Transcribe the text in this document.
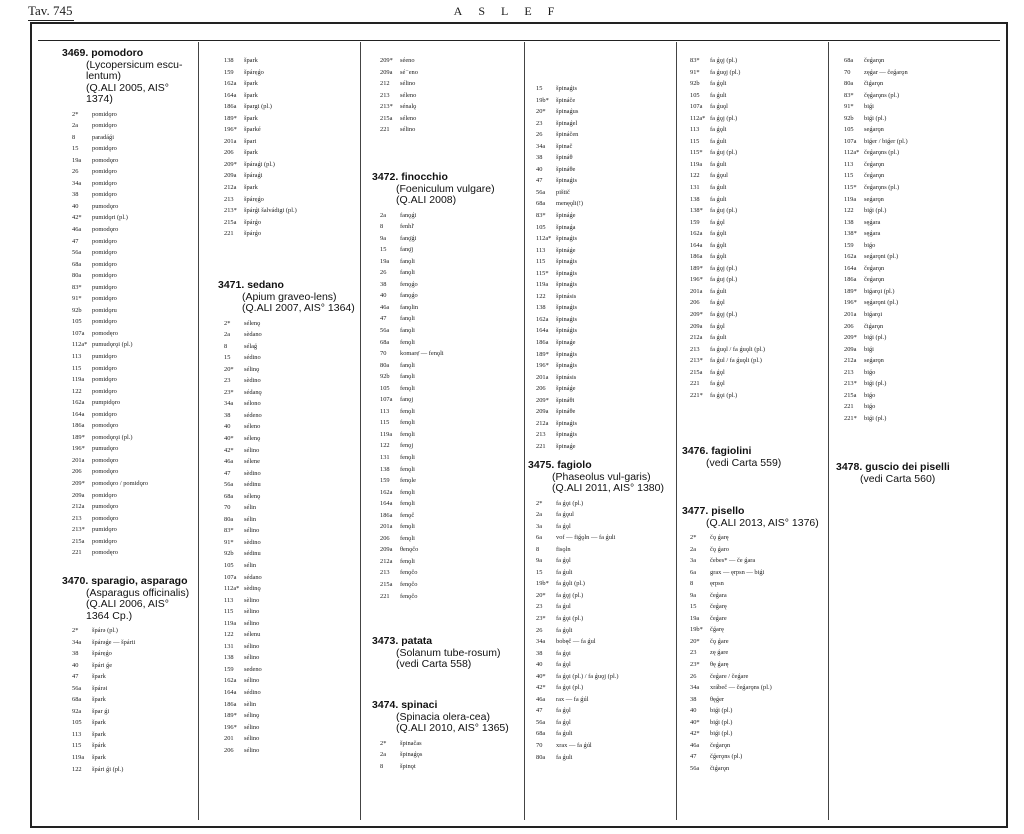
Tav. 745	ASLEF
3469. pomodoro
(Lycopersicum escu-lentum)
(Q.ALI 2005, AIS° 1374)
2* pomidǫro
2a pomidǫro
8	paradáǵi
15 pomidǫro
19a pomodǫro
26 pomidǫro
34a pomidǫro
38 pomidǫro
40 pumodǫro
42* pumidǫri (pl.)
46a pomodǫro
47 pomidǫro
56a pomidǫro
68a pomidǫro
80a pomidǫro
83* pumidǫro
91* pomidǫro
92b pomidǫru
105 pomidǫro
107a pomodęro
112a* pumudǫrǫi (pl.)
113 pumidǫro
115 pomidǫro
119a pomidǫro
122 pomidǫro
162a pumpidǫro
164a pomidǫro
186a pomodǫro
189* pomodǫrǫi (pl.)
196* pumudǫro
201a pomodǫro
206 pomodǫro
209* pomodǫro / pomidǫro
209a pomidǫro
212a pumodǫro
213 pomodǫro
213* pumidǫro
215a pomidǫro
221 pomodęro
3470. sparagio, asparago
(Asparagus officinalis)
(Q.ALI 2006, AIS° 1364 Cp.)
2* špárǝ (pl.)
34a špárǝǵe — špárii
38 špárẹǵo
40 špári ǵe
47 špark
56a špárǝi
68a špark
92a špar ǵi
105 špark
113 špark
115 špárk
119a špark
122 špári ǵi (pl.)
138 špark
159 špárẹǵo
162a špark
164a špark
186a špargi (pl.)
189* špark
196* šparké
201a špari
206 špark
209* špáraǵi (pl.)
209a špáraǵi
212a špark
213 špárẹǵo
213* špárǵi šalvádigi (pl.)
215a špárǵo
221 špárǵo
3471. sedano
(Apium graveo-lens)
(Q.ALI 2007, AIS° 1364)
2* sélenǫ
2a sèdano
8	sélaǵ
15 sédino
20* sélinǫ
23 sèdino
23* sédanǫ
34a sélono
38 sédeno
40 séleno
40* sélenǫ
42* sélino
46a sélene
47 sèdino
56a sédinu
68a sélenǫ
70 sélin
80a sélin
83* sélino
91* sèdino
92b sédinu
105 sélin
107a sédano
112a* sèdinǫ
113 sèlino
115 sèlino
119a sélino
122 sélenu
131 sélino
138 sélino
159 sedeno
162a sélino
164a sédino
186a sèlin
189* sélinǫ
196* sélino
201 sélino
206 sélino
209* séeno
209a sé⁻eno
212 sélino
213 séleno
213* sénalǫ
215a séleno
221 sélino
3472. finocchio
(Foeniculum vulgare)
(Q.ALI 2008)
2a fanǫǵi
8	fenhl'
9a fanǫ̈ǵi
15 fanǫ̈j
19a fanǫli
26 fanǫli
38 fenǫǵo
40 fanǫǵo
46a fanǫlin
47 fanǫli
56a fanǫli
68a fenǫli
70 komarẹ̈ — fenǫli
80a fanǫli
92b fanǫli
105 fenǫli
107a fanǫj
113 fenǫli
115 fenǫli
119a fenǫli
122 fenǫj
131 fenǫli
138 fenǫli
159 fenǫle
162a fenǫli
164a fenǫli
186a fenǫč
201a fenǫli
206 fenǫli
209a θenǫčo
212a fenǫli
213 fenǫčo
215a fenǫčo
221 fenǫčo
3473. patata
(Solanum tube-rosum)
(vedi Carta 558)
3474. spinaci
(Spinacia olera-cea)
(Q.ALI 2010, AIS° 1365)
2* špinačas
2a špinaǵǫs
8	špinǫt
15 špinaǵis
19b* špináče
20* špinaǵus
23 špinaǵel
26 špináčen
34a špinač
38 špináθ
40 špináθe
47 špinaǵis
56a pištič
68a menęǫli(!)
83* špináǵe
105 špinaǵa
112a* špinaǵis
113 špináǵe
115 špinaǵis
115* špinaǵis
119a špinaǵis
122 špinásis
138 špinaǵis
162a špinaǵis
164a špináǵis
186a špinaǵe
189* špinaǵis
196* špinaǵis
201a špinásis
206 špináǵe
209* špináθi
209a špináθe
212a špinaǵis
213 špinaǵis
221 špinaǵe
3475. fagiolo
(Phaseolus vul-garis)
(Q.ALI 2011, AIS° 1380)
2* fa ǵǫi (pl.)
2a fa ǵǫul
3a fa ǵǫl
6a vof — fiǵǫln — fa ǵuli
8	fisǫln
9a fa ǵǫl
15 fa ǵuli
19b* fa ǵǫli (pl.)
20* fa ǵǫj (pl.)
23 fa ǵul
23* fa ǵǫi (pl.)
26 fa ǵǫli
34a bobęč — fa ǵul
38 fa ǵǫi
40 fa ǵǫl
40* fa ǵǫi (pl.) / fa ǵuǫj (pl.)
42* fa ǵǫi (pl.)
46a rax — fa ǵúl
47 fa ǵǫl
56a fa ǵǫl
68a fa ǵuli
70 xrax — fa ǵúl
80a fa ǵuli
83* fa ǵǫj (pl.)
91* fa ǵuǫj (pl.)
92b fa ǵǫli
105 fa ǵuli
107a fa ǵuǫl
112a* fa ǵǫj (pl.)
113 fa ǵǫli
115 fa ǵuli
115* fa ǵuj (pl.)
119a fa ǵuli
122 fa ǵǫul
131 fa ǵuli
138 fa ǵuli
138* fa ǵuj (pl.)
159 fa ǵǫl
162a fa ǵǫli
164a fa ǵǫli
186a fa ǵǫli
189* fa ǵǫj (pl.)
196* fa ǵuj (pl.)
201a fa ǵuli
206 fa ǵǫl
209* fa ǵǫj (pl.)
209a fa ǵǫl
212a fa ǵuli
213 fa ǵuǫl / fa ǵuǫli (pl.)
213* fa ǵul / fa ǵuǫli (pl.)
215a fa ǵǫl
221 fa ǵǫl
221* fa ǵǫi (pl.)
3476. fagiolini
(vedi Carta 559)
3477. pisello
(Q.ALI 2013, AIS° 1376)
2* čǫ ǵarę
2a čǫ ǵaro
3a čebes* — če ǵara
6a grax — ęrpsn — biǵi
8	ęrpsn
9a čeǵara
15 čeǵarę
19a čeǵare
19b* čǵarę
20* čǫ ǵare
23 zę ǵare
23* θę ǵarę
26 čeǵare / čeǵare
34a xrábeč — čeǵarǫns (pl.)
38 θęǵer
40 biǵi (pl.)
40* biǵi (pl.)
42* biǵi (pl.)
46a čeǵarǫn
47 čǵerǫns (pl.)
56a čiǵarǫn
68a čeǵarǫn
70 zęǵar — čeǵarǫn
80a čiǵarǫn
83* čęǵarǫns (pl.)
91* biǵi
92b biǵi (pl.)
105 seǵarǫn
107a biǵer / biǵer (pl.)
112a* čeǵarǫns (pl.)
113 čeǵarǫn
115 čeǵarǫn
115* čeǵarǫns (pl.)
119a seǵarǫn
122 biǵi (pl.)
138 sęǵara
138* sęǵara
159 biǵo
162a seǵarǫni (pl.)
164a čeǵarǫn
186a čeǵarǫn
189* biǵarǫi (pl.)
196* sęǵarǫni (pl.)
201a biǵarǫi
206 čiǵarǫn
209* biǵi (pl.)
209a biǵi
212a seǵarǫn
213 biǵo
213* biǵi (pl.)
215a biǵo
221 biǵo
221* biǵi (pl.)
3478. guscio dei piselli
(vedi Carta 560)
